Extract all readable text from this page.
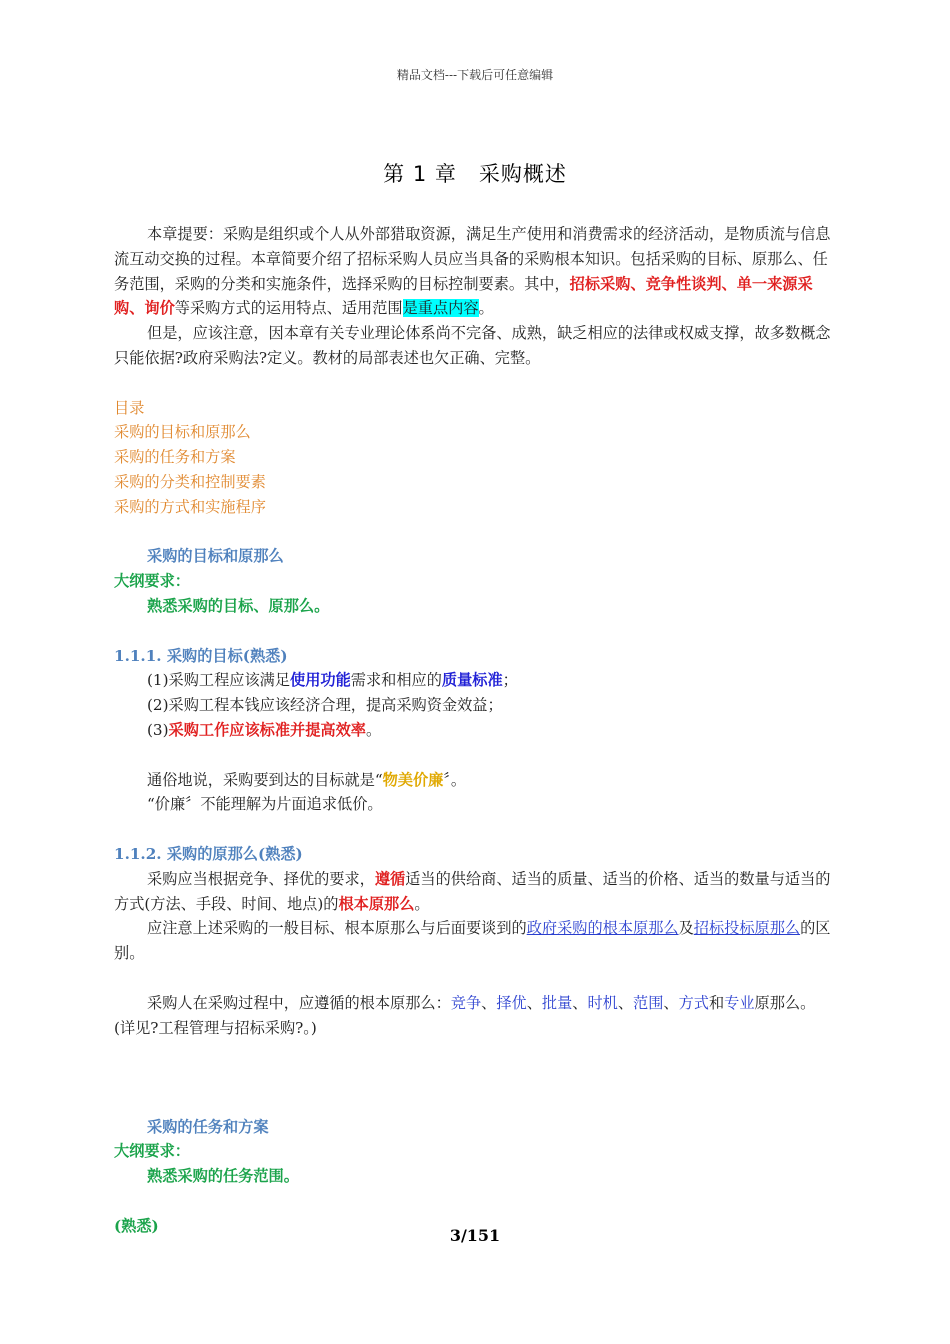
精品文档---下载后可任意编辑
第 1 章　采购概述

本章提要：采购是组织或个人从外部猎取资源，满足生产使用和消费需求的经济活动，是物质流与信息流互动交换的过程。本章简要介绍了招标采购人员应当具备的采购根本知识。包括采购的目标、原那么、任务范围，采购的分类和实施条件，选择采购的目标控制要素。其中，招标采购、竞争性谈判、单一来源采购、询价等采购方式的运用特点、适用范围是重点内容。

但是，应该注意，因本章有关专业理论体系尚不完备、成熟，缺乏相应的法律或权威支撑，故多数概念只能依据?政府采购法?定义。教材的局部表述也欠正确、完整。

目录

采购的目标和原那么

采购的任务和方案

采购的分类和控制要素

采购的方式和实施程序

采购的目标和原那么

大纲要求：

熟悉采购的目标、原那么。

1.1.1. 采购的目标(熟悉)

(1)采购工程应该满足使用功能需求和相应的质量标准；

(2)采购工程本钱应该经济合理，提高采购资金效益；

(3)采购工作应该标准并提高效率。

通俗地说，采购要到达的目标就是“物美价廉〞。

“价廉〞不能理解为片面追求低价。

1.1.2. 采购的原那么(熟悉)

采购应当根据竞争、择优的要求，遵循适当的供给商、适当的质量、适当的价格、适当的数量与适当的方式(方法、手段、时间、地点)的根本原那么。

应注意上述采购的一般目标、根本原那么与后面要谈到的政府采购的根本原那么及招标投标原那么的区别。

采购人在采购过程中，应遵循的根本原那么：竞争、择优、批量、时机、范围、方式和专业原那么。(详见?工程管理与招标采购?。)

采购的任务和方案

大纲要求：

熟悉采购的任务范围。

(熟悉)

3/151
